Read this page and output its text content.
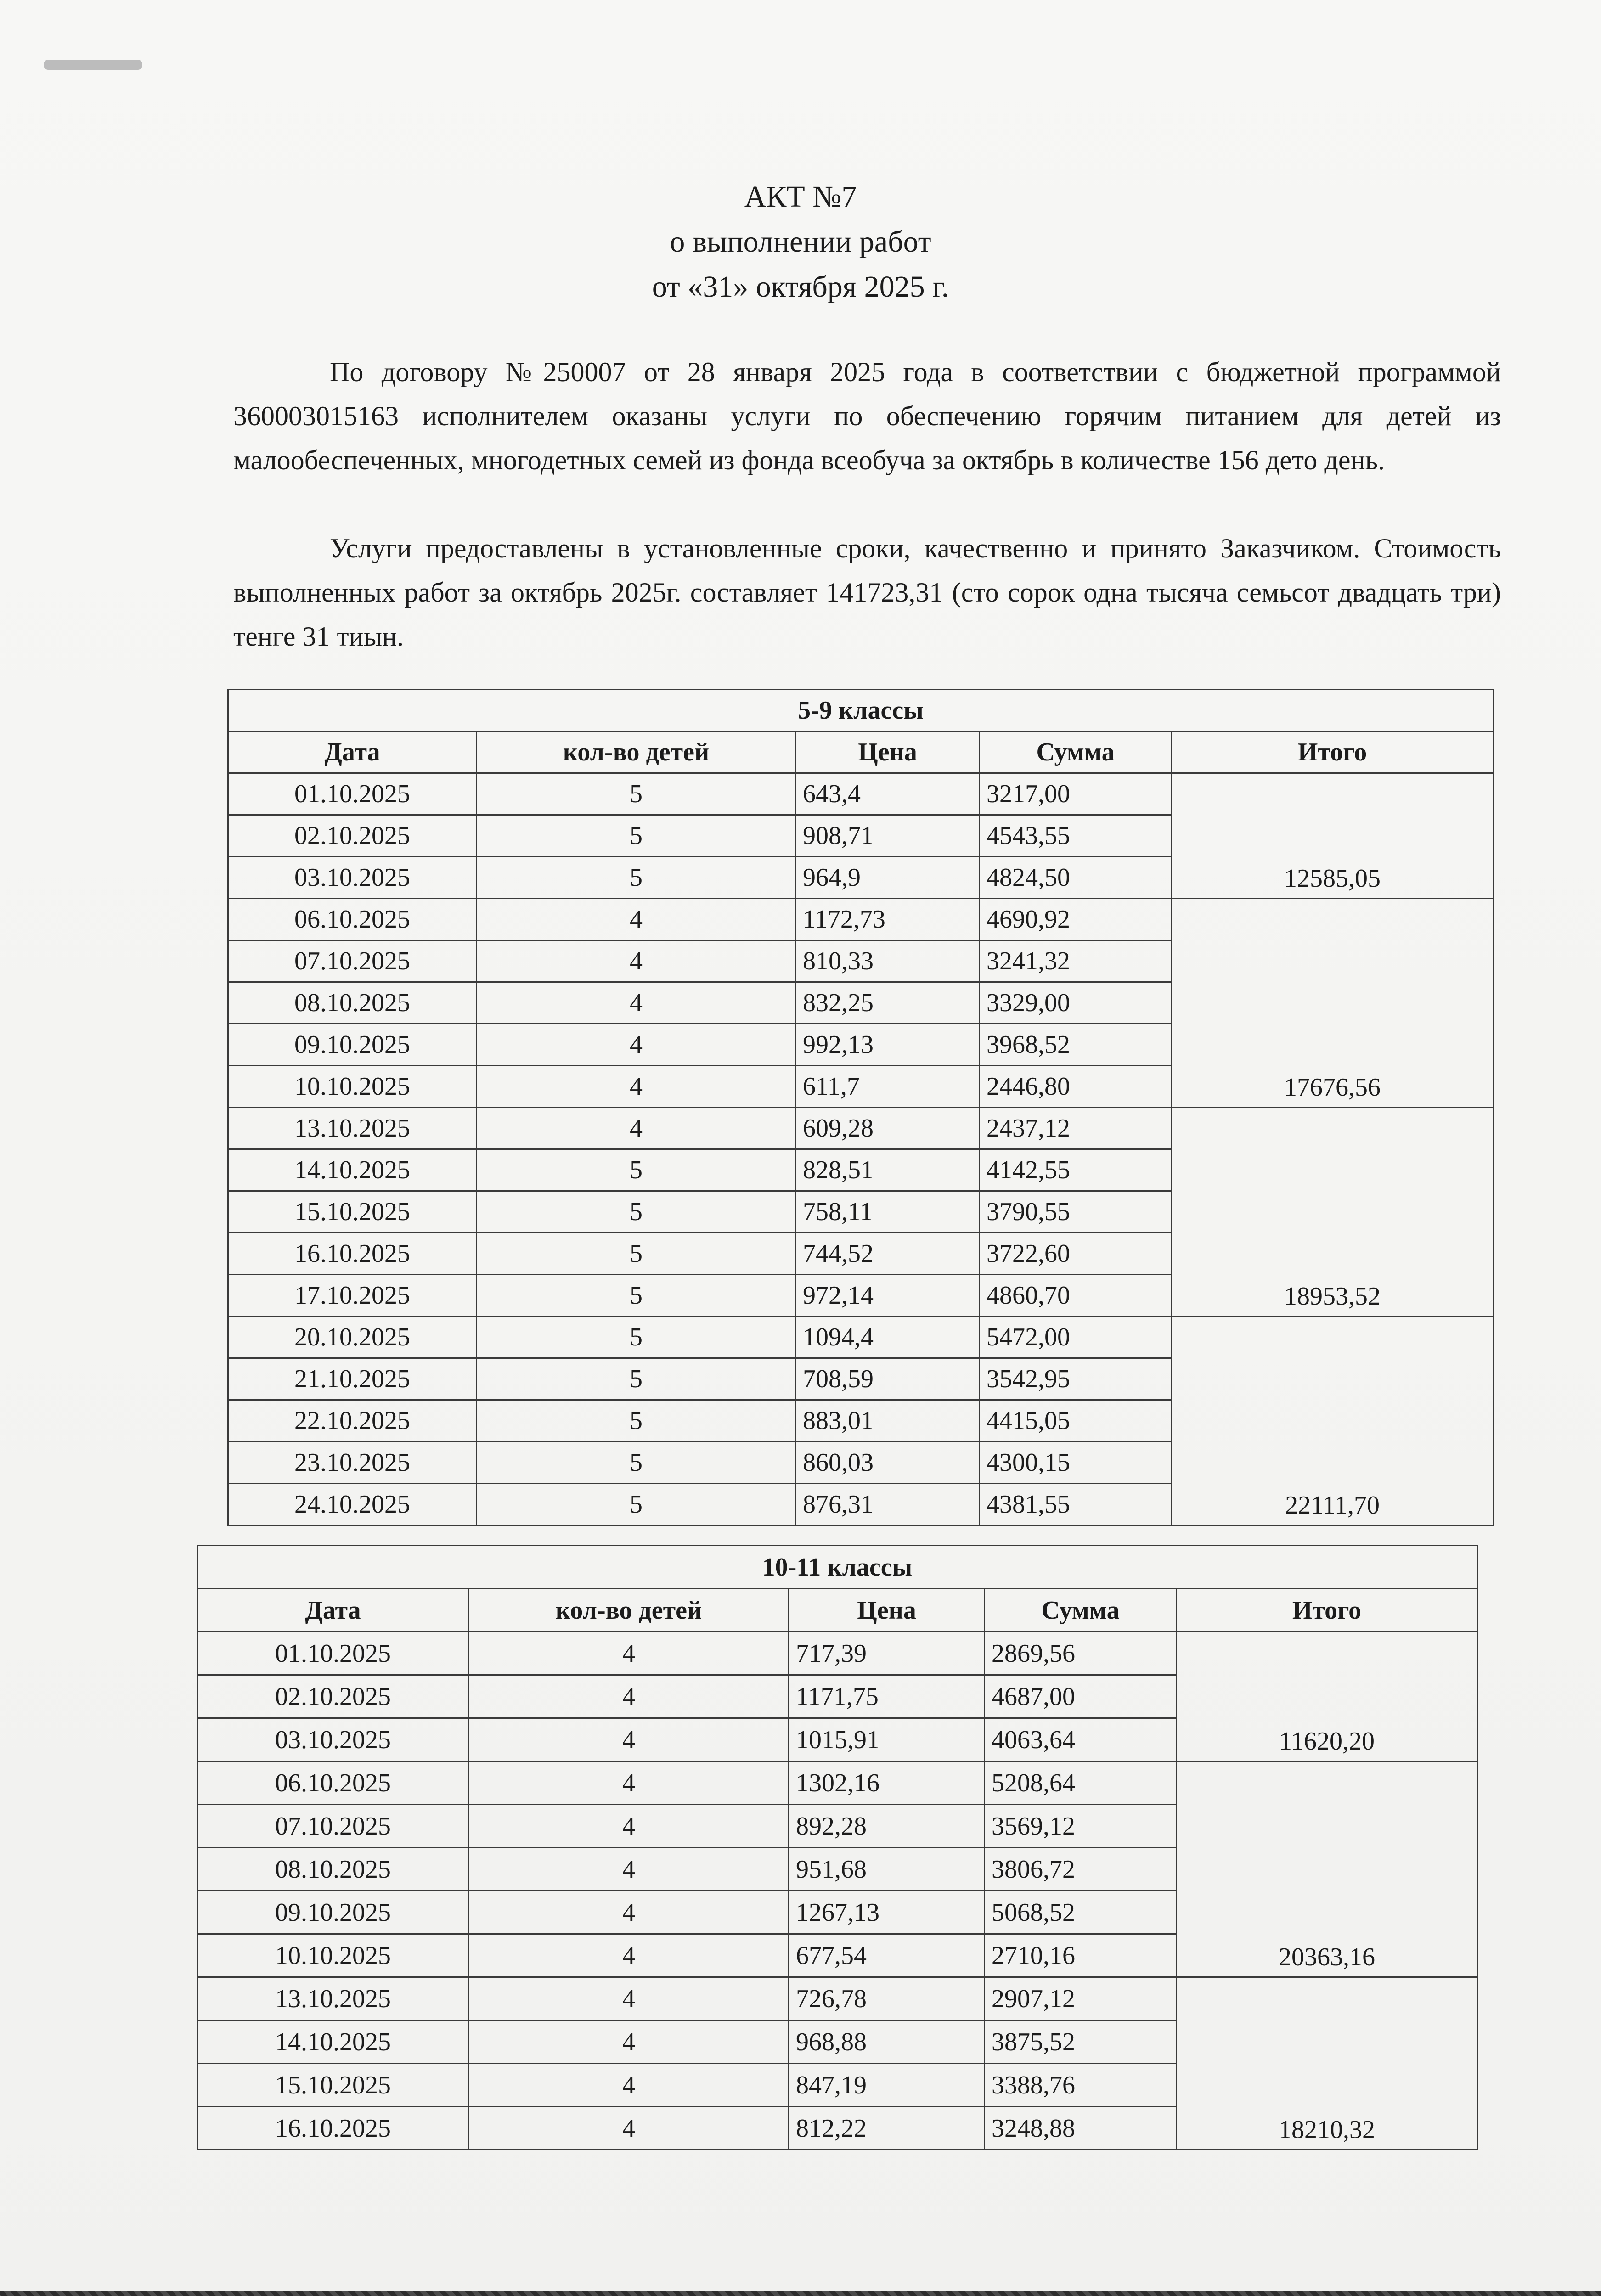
АКТ №7
о выполнении работ
от «31» октября 2025 г.
По договору №250007 от 28 января 2025 года в соответствии с бюджетной программой 360003015163 исполнителем оказаны услуги по обеспечению горячим питанием для детей из малообеспеченных, многодетных семей из фонда всеобуча за октябрь в количестве 156 дето день.
Услуги предоставлены в установленные сроки, качественно и принято Заказчиком. Стоимость выполненных работ за октябрь 2025г. составляет 141723,31 (сто сорок одна тысяча семьсот двадцать три) тенге 31 тиын.
5-9 классы				
Дата	кол-во детей	Цена	Сумма	Итого
01.10.2025	5	643,4	3217,00	12585,05
02.10.2025	5	908,71	4543,55	
03.10.2025	5	964,9	4824,50	
06.10.2025	4	1172,73	4690,92	17676,56
07.10.2025	4	810,33	3241,32	
08.10.2025	4	832,25	3329,00	
09.10.2025	4	992,13	3968,52	
10.10.2025	4	611,7	2446,80	
13.10.2025	4	609,28	2437,12	18953,52
14.10.2025	5	828,51	4142,55	
15.10.2025	5	758,11	3790,55	
16.10.2025	5	744,52	3722,60	
17.10.2025	5	972,14	4860,70	
20.10.2025	5	1094,4	5472,00	22111,70
21.10.2025	5	708,59	3542,95	
22.10.2025	5	883,01	4415,05	
23.10.2025	5	860,03	4300,15	
24.10.2025	5	876,31	4381,55	
10-11 классы				
Дата	кол-во детей	Цена	Сумма	Итого
01.10.2025	4	717,39	2869,56	11620,20
02.10.2025	4	1171,75	4687,00	
03.10.2025	4	1015,91	4063,64	
06.10.2025	4	1302,16	5208,64	20363,16
07.10.2025	4	892,28	3569,12	
08.10.2025	4	951,68	3806,72	
09.10.2025	4	1267,13	5068,52	
10.10.2025	4	677,54	2710,16	
13.10.2025	4	726,78	2907,12	18210,32
14.10.2025	4	968,88	3875,52	
15.10.2025	4	847,19	3388,76	
16.10.2025	4	812,22	3248,88	
